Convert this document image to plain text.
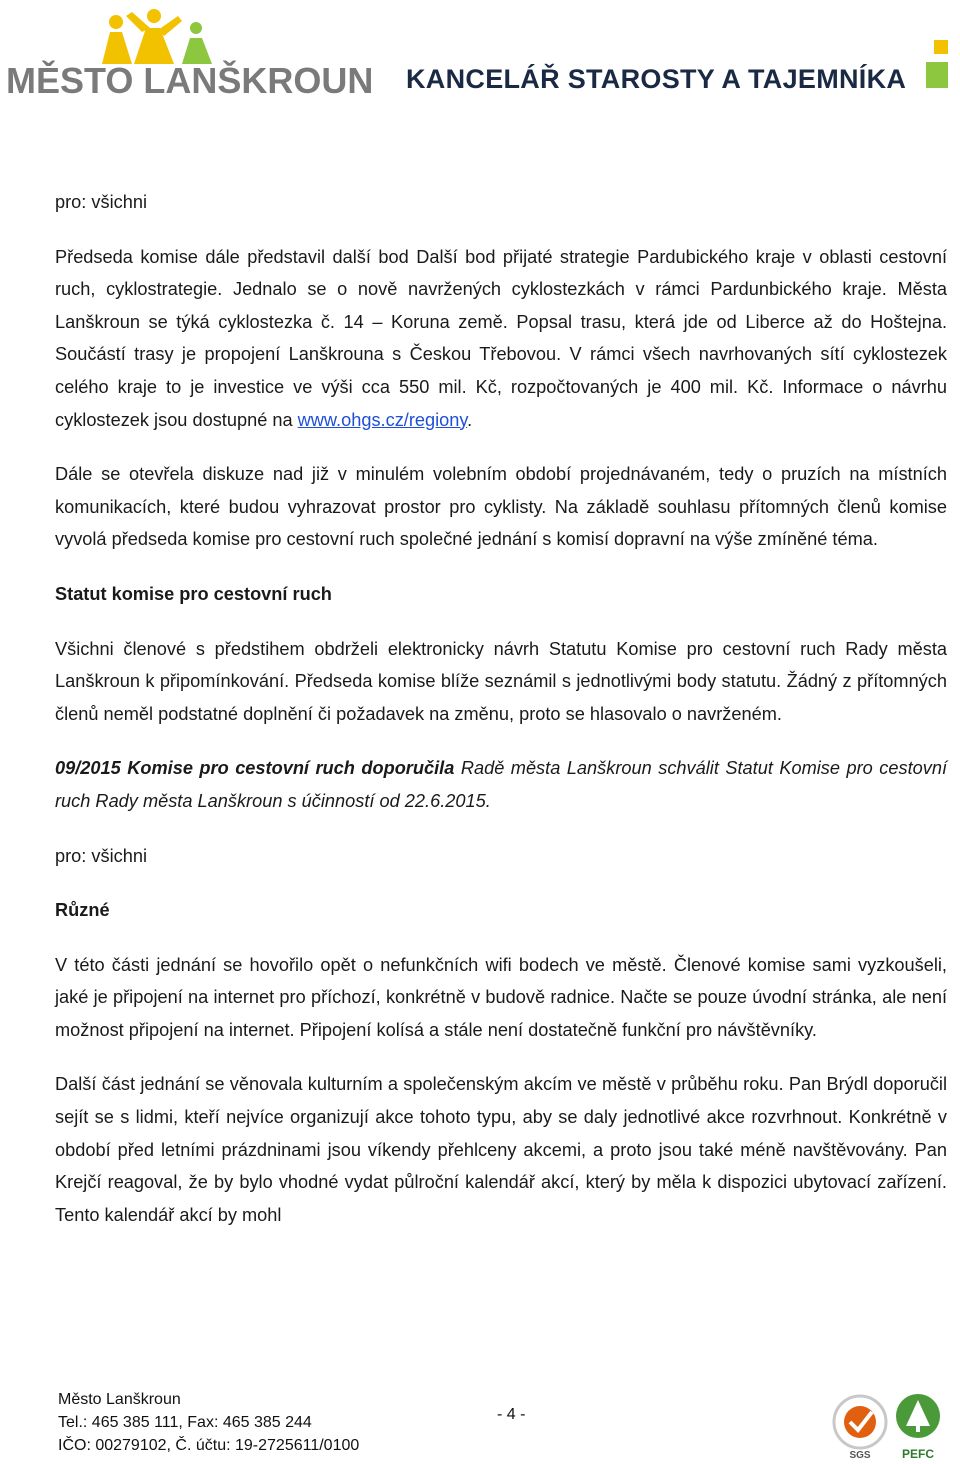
MĚSTO LANŠKROUN KANCELÁŘ STAROSTY A TAJEMNÍKA

pro: všichni

Předseda komise dále představil další bod Další bod přijaté strategie Pardubického kraje v oblasti cestovní ruch, cyklostrategie. Jednalo se o nově navržených cyklostezkách v rámci Pardunbického kraje. Města Lanškroun se týká cyklostezka č. 14 – Koruna země. Popsal trasu, která jde od Liberce až do Hoštejna. Součástí trasy je propojení Lanškrouna s Českou Třebovou. V rámci všech navrhovaných sítí cyklostezek celého kraje to je investice ve výši cca 550 mil. Kč, rozpočtovaných je 400 mil. Kč. Informace o návrhu cyklostezek jsou dostupné na www.ohgs.cz/regiony.

Dále se otevřela diskuze nad již v minulém volebním období projednávaném, tedy o pruzích na místních komunikacích, které budou vyhrazovat prostor pro cyklisty. Na základě souhlasu přítomných členů komise vyvolá předseda komise pro cestovní ruch společné jednání s komisí dopravní na výše zmíněné téma.

Statut komise pro cestovní ruch

Všichni členové s předstihem obdrželi elektronicky návrh Statutu Komise pro cestovní ruch Rady města Lanškroun k připomínkování. Předseda komise blíže seznámil s jednotlivými body statutu. Žádný z přítomných členů neměl podstatné doplnění či požadavek na změnu, proto se hlasovalo o navrženém.

09/2015 Komise pro cestovní ruch doporučila Radě města Lanškroun schválit Statut Komise pro cestovní ruch Rady města Lanškroun s účinností od 22.6.2015.

pro: všichni

Různé

V této části jednání se hovořilo opět o nefunkčních wifi bodech ve městě. Členové komise sami vyzkoušeli, jaké je připojení na internet pro příchozí, konkrétně v budově radnice. Načte se pouze úvodní stránka, ale není možnost připojení na internet. Připojení kolísá a stále není dostatečně funkční pro návštěvníky.

Další část jednání se věnovala kulturním a společenským akcím ve městě v průběhu roku. Pan Brýdl doporučil sejít se s lidmi, kteří nejvíce organizují akce tohoto typu, aby se daly jednotlivé akce rozvrhnout. Konkrétně v období před letními prázdninami jsou víkendy přehlceny akcemi, a proto jsou také méně navštěvovány. Pan Krejčí reagoval, že by bylo vhodné vydat půlroční kalendář akcí, který by měla k dispozici ubytovací zařízení. Tento kalendář akcí by mohl

Město Lanškroun
Tel.: 465 385 111, Fax: 465 385 244
IČO: 00279102, Č. účtu: 19-2725611/0100
- 4 -
SGS	PEFC
